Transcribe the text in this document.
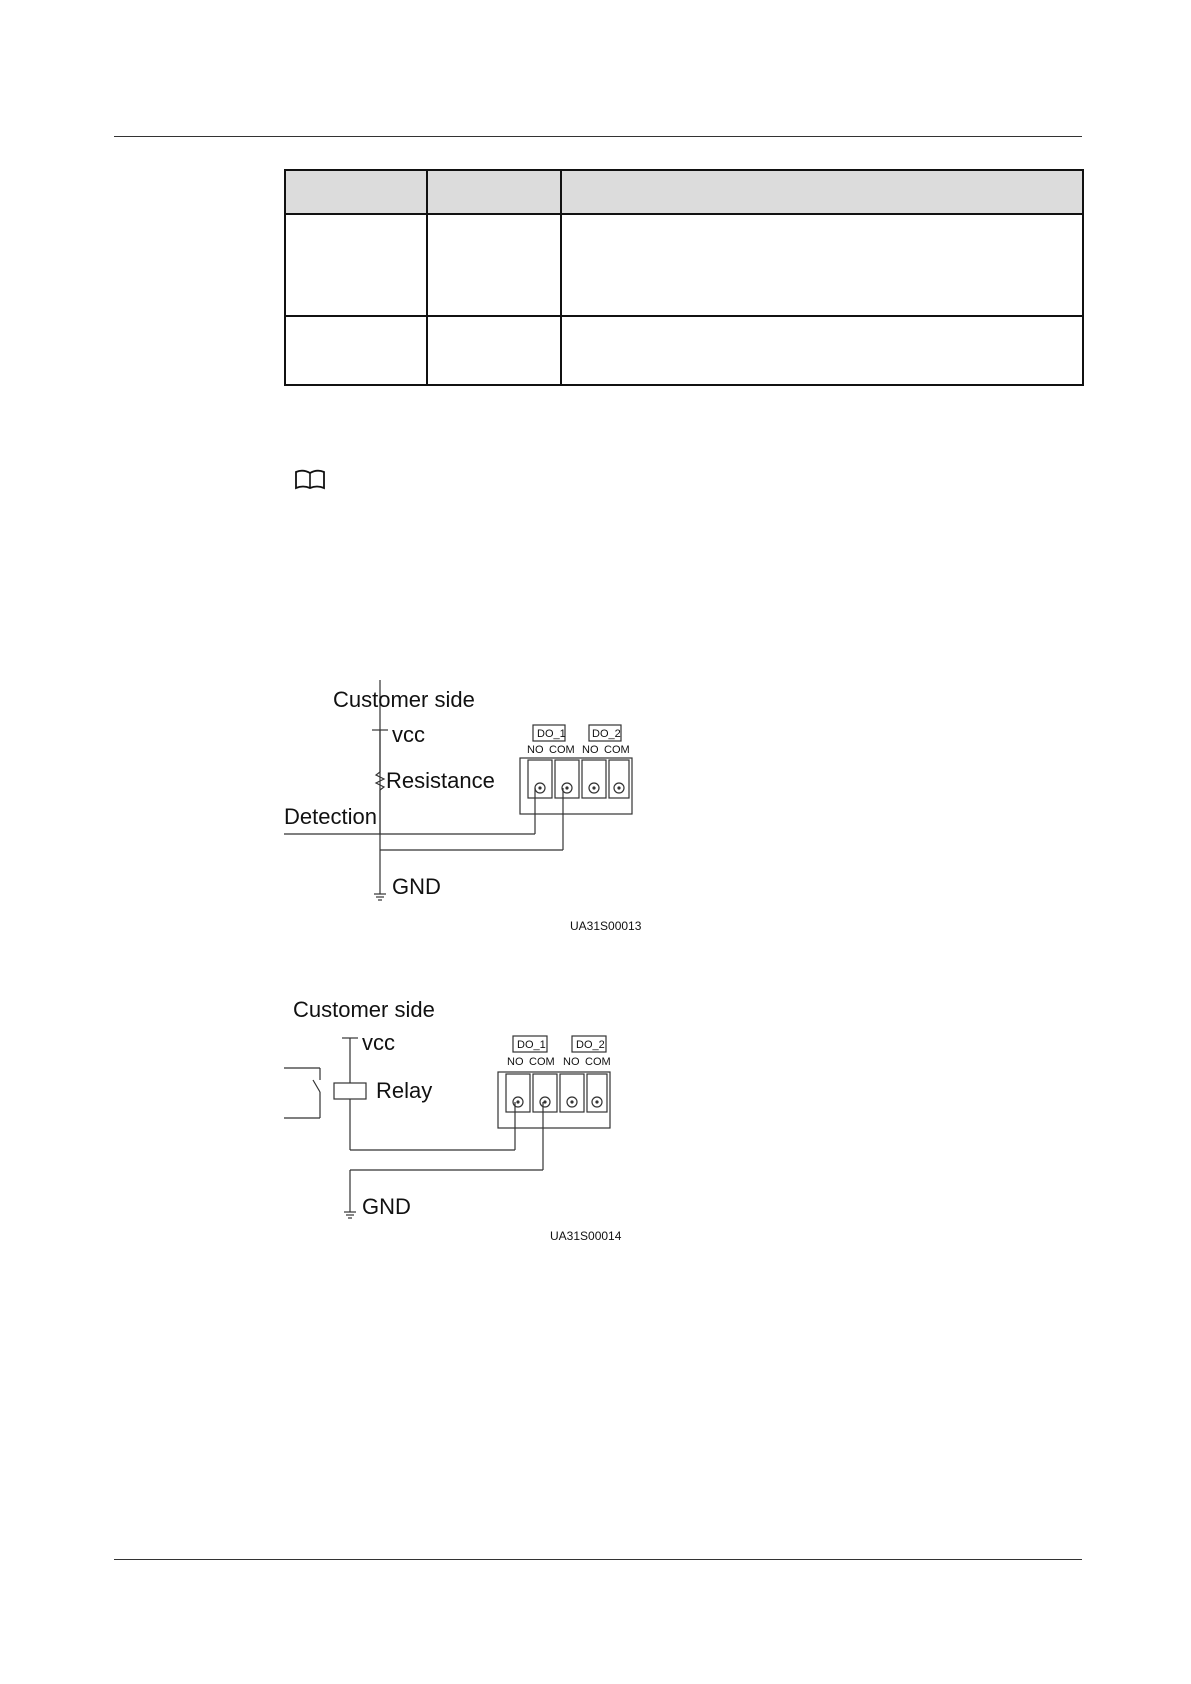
Customer side
vcc
Resistance
Detection
GND
DO_1 DO_2
NO COM NO COM
UA31S00013
Customer side
vcc
Relay
GND
DO_1	DO_2
NO COM NO COM
UA31S00014
